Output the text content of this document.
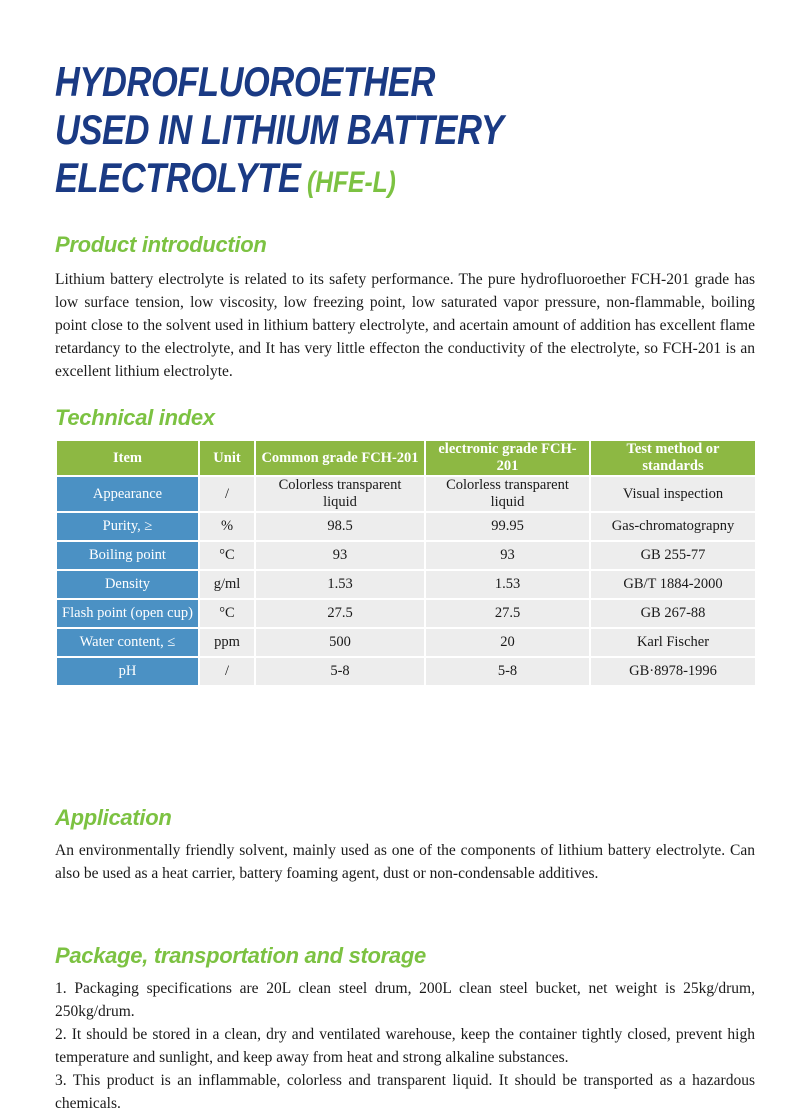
HYDROFLUOROETHER
USED IN LITHIUM BATTERY
ELECTROLYTE (HFE-L)
Product introduction

Lithium battery electrolyte is related to its safety performance. The pure hydrofluoroether FCH-201 grade has low surface tension, low viscosity, low freezing point, low saturated vapor pressure, non-flammable, boiling point close to the solvent used in lithium battery electrolyte, and acertain amount of addition has excellent flame retardancy to the electrolyte, and It has very little effecton the conductivity of the electrolyte, so FCH-201 is an excellent lithium electrolyte.

Technical index
Item	Unit	Common grade FCH-201	electronic grade FCH-201	Test method or standards
Appearance	/	Colorless transparent liquid	Colorless transparent liquid	Visual inspection
Purity, ≥	%	98.5	99.95	Gas-chromatograpny
Boiling point	°C	93	93	GB 255-77
Density	g/ml	1.53	1.53	GB/T 1884-2000
Flash point (open cup)	°C	27.5	27.5	GB 267-88
Water content, ≤	ppm	500	20	Karl Fischer
pH	/	5-8	5-8	GB·8978-1996
Application

An environmentally friendly solvent, mainly used as one of the components of lithium battery electrolyte. Can also be used as a heat carrier, battery foaming agent, dust or non-condensable additives.

Package, transportation and storage

1. Packaging specifications are 20L clean steel drum, 200L clean steel bucket, net weight is 25kg/drum, 250kg/drum.

2. It should be stored in a clean, dry and ventilated warehouse, keep the container tightly closed, prevent high temperature and sunlight, and keep away from heat and strong alkaline substances.

3. This product is an inflammable, colorless and transparent liquid. It should be transported as a hazardous chemicals.
